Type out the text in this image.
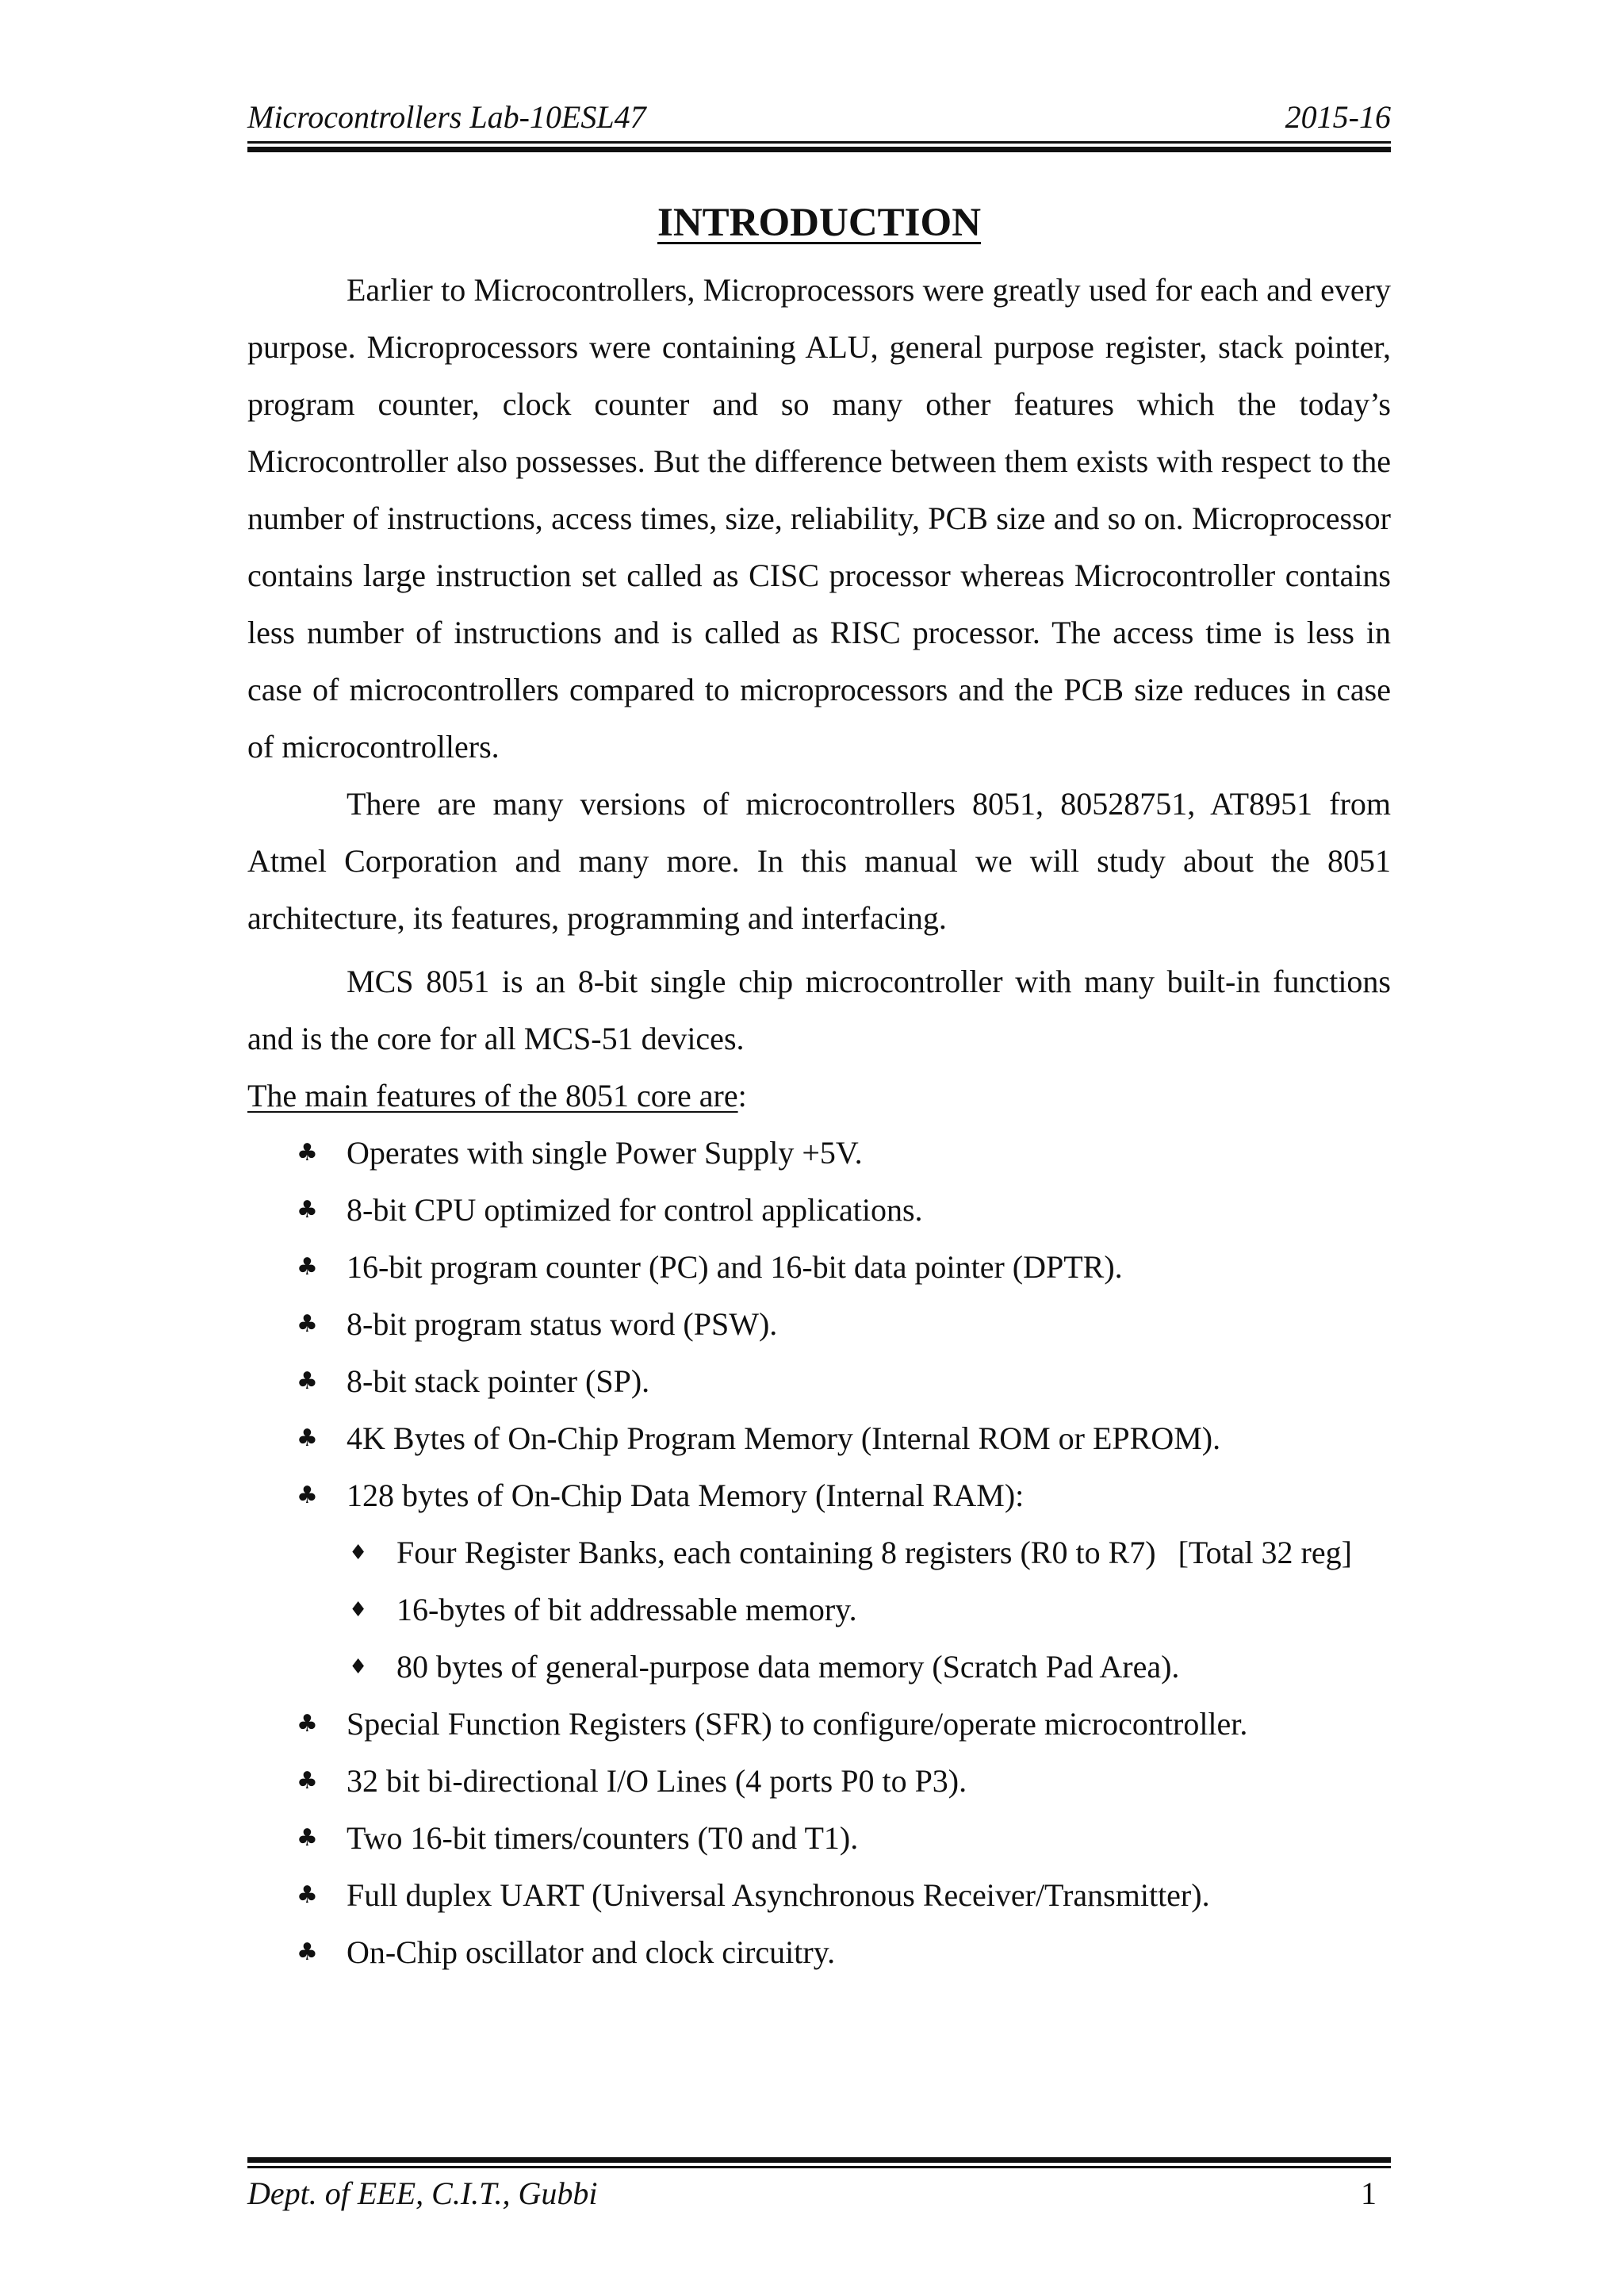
Microcontrollers Lab-10ESL47	2015-16
INTRODUCTION

Earlier to Microcontrollers, Microprocessors were greatly used for each and every purpose. Microprocessors were containing ALU, general purpose register, stack pointer, program counter, clock counter and so many other features which the today’s Microcontroller also possesses. But the difference between them exists with respect to the number of instructions, access times, size, reliability, PCB size and so on. Microprocessor contains large instruction set called as CISC processor whereas Microcontroller contains less number of instructions and is called as RISC processor. The access time is less in case of microcontrollers compared to microprocessors and the PCB size reduces in case of microcontrollers.

There are many versions of microcontrollers 8051, 80528751, AT8951 from Atmel Corporation and many more. In this manual we will study about the 8051 architecture, its features, programming and interfacing.

MCS 8051 is an 8-bit single chip microcontroller with many built-in functions and is the core for all MCS-51 devices.

The main features of the 8051 core are:

♣ Operates with single Power Supply +5V.
♣ 8-bit CPU optimized for control applications.
♣ 16-bit program counter (PC) and 16-bit data pointer (DPTR).
♣ 8-bit program status word (PSW).
♣ 8-bit stack pointer (SP).
♣ 4K Bytes of On-Chip Program Memory (Internal ROM or EPROM).
♣ 128 bytes of On-Chip Data Memory (Internal RAM):
♦ Four Register Banks, each containing 8 registers (R0 to R7) [Total 32 reg]
♦ 16-bytes of bit addressable memory.
♦ 80 bytes of general-purpose data memory (Scratch Pad Area).
♣ Special Function Registers (SFR) to configure/operate microcontroller.
♣ 32 bit bi-directional I/O Lines (4 ports P0 to P3).
♣ Two 16-bit timers/counters (T0 and T1).
♣ Full duplex UART (Universal Asynchronous Receiver/Transmitter).
♣ On-Chip oscillator and clock circuitry.
Dept. of EEE, C.I.T., Gubbi	1
